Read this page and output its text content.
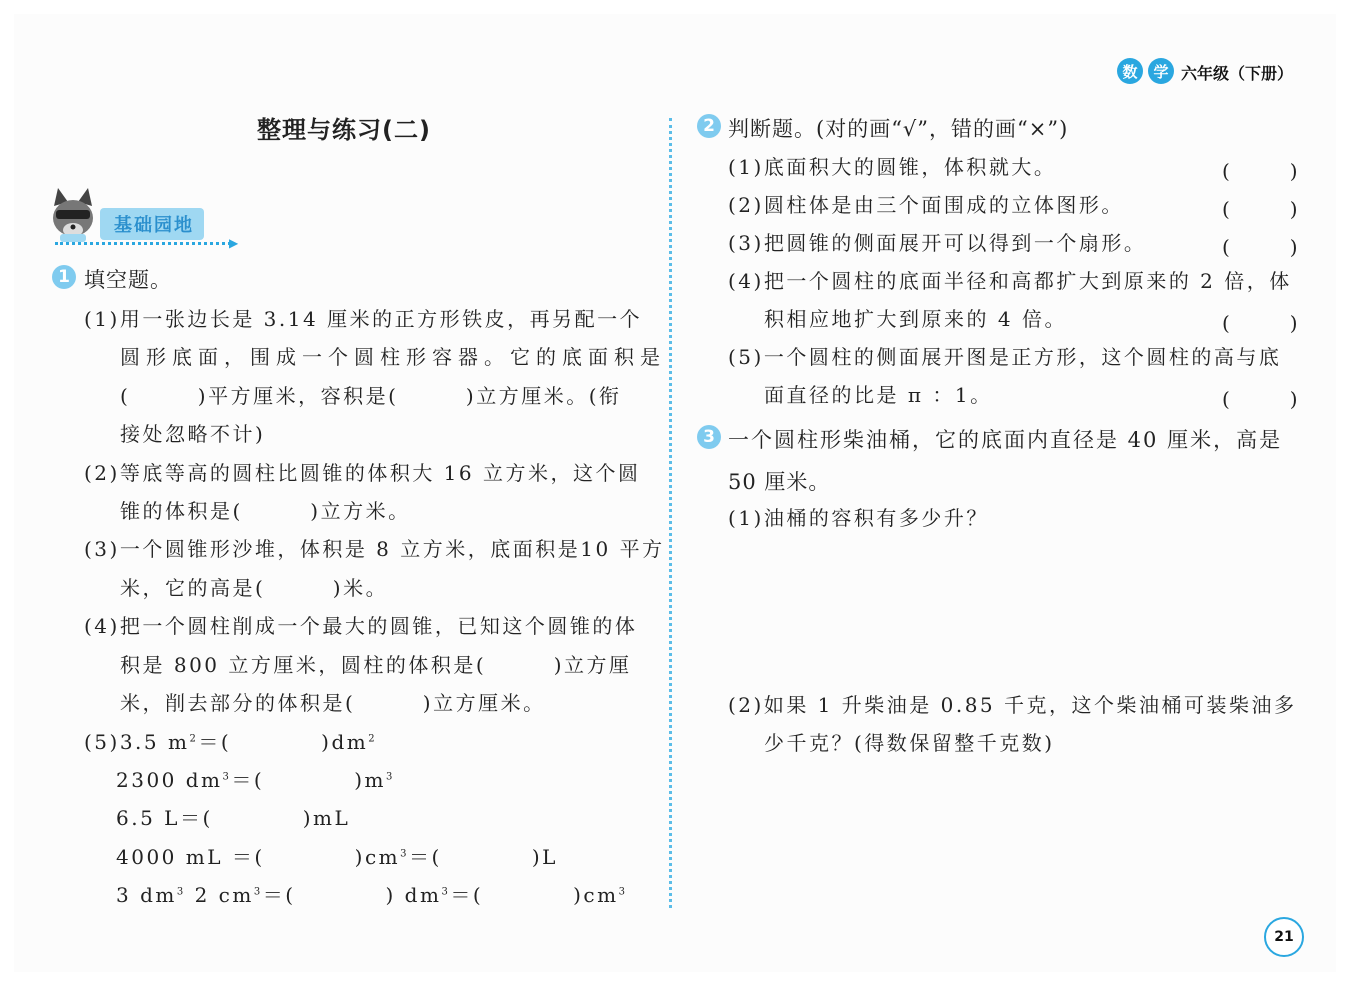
数	学 六年级（下册）
整理与练习(二)
基础园地
▶
1 填空题。
(1)用一张边长是 3.14 厘米的正方形铁皮，再另配一个
圆形底面，围成一个圆柱形容器。它的底面积是
(　　　)平方厘米，容积是(　　　)立方厘米。(衔
接处忽略不计)
(2)等底等高的圆柱比圆锥的体积大 16 立方米，这个圆
锥的体积是(　　　)立方米。
(3)一个圆锥形沙堆，体积是 8 立方米，底面积是10 平方
米，它的高是(　　　)米。
(4)把一个圆柱削成一个最大的圆锥，已知这个圆锥的体
积是 800 立方厘米，圆柱的体积是(　　　)立方厘
米，削去部分的体积是(　　　)立方厘米。
(5)3.5 $m^2=$(　　　　)$dm^2$
2300 $dm^3=$(　　　　)$m^3$
6.5 L＝(　　　　)mL
4000 mL ＝(　　　　)$cm^3=$(　　　　)L
3 $dm^3$ 2 $cm^3=$(　　　　) $dm^3=$(　　　　)$cm^3$
2 判断题。(对的画“√”，错的画“×”)
(1)底面积大的圆锥，体积就大。	(　　　)
(2)圆柱体是由三个面围成的立体图形。	(　　　)
(3)把圆锥的侧面展开可以得到一个扇形。	(　　　)
(4)把一个圆柱的底面半径和高都扩大到原来的 2 倍，体
积相应地扩大到原来的 4 倍。	(　　　)
(5)一个圆柱的侧面展开图是正方形，这个圆柱的高与底
面直径的比是 π ：1。	(　　　)
3 一个圆柱形柴油桶，它的底面内直径是 40 厘米，高是
50 厘米。
(1)油桶的容积有多少升？
(2)如果 1 升柴油是 0.85 千克，这个柴油桶可装柴油多
少千克？(得数保留整千克数)
21
